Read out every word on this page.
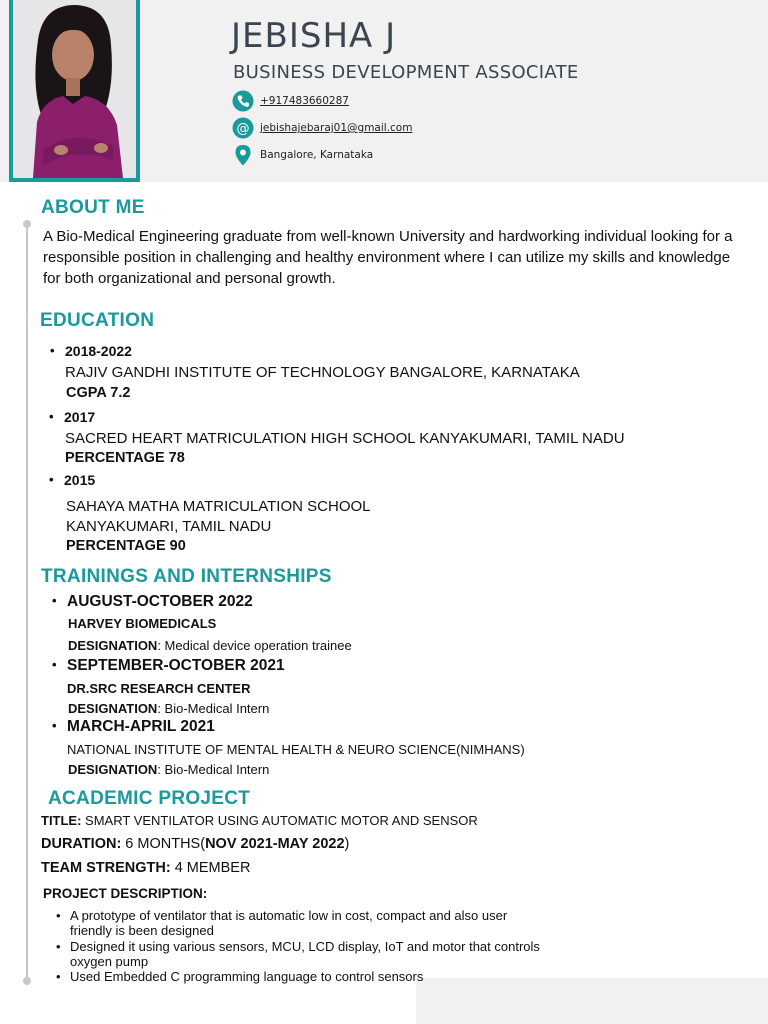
JEBISHA J
BUSINESS DEVELOPMENT ASSOCIATE
+917483660287
@ jebishajebaraj01@gmail.com
Bangalore, Karnataka
ABOUT ME

A Bio-Medical Engineering graduate from well-known University and hardworking individual looking for a responsible position in challenging and healthy environment where I can utilize my skills and knowledge for both organizational and personal growth.

EDUCATION

• 2018-2022

RAJIV GANDHI INSTITUTE OF TECHNOLOGY BANGALORE, KARNATAKA

CGPA 7.2

• 2017

SACRED HEART MATRICULATION HIGH SCHOOL KANYAKUMARI, TAMIL NADU

PERCENTAGE 78

• 2015

SAHAYA MATHA MATRICULATION SCHOOL

KANYAKUMARI, TAMIL NADU

PERCENTAGE 90

TRAININGS AND INTERNSHIPS

• AUGUST-OCTOBER 2022

HARVEY BIOMEDICALS

DESIGNATION: Medical device operation trainee

• SEPTEMBER-OCTOBER 2021

DR.SRC RESEARCH CENTER

DESIGNATION: Bio-Medical Intern

• MARCH-APRIL 2021

NATIONAL INSTITUTE OF MENTAL HEALTH & NEURO SCIENCE(NIMHANS)

DESIGNATION: Bio-Medical Intern

ACADEMIC PROJECT

TITLE: SMART VENTILATOR USING AUTOMATIC MOTOR AND SENSOR

DURATION: 6 MONTHS(NOV 2021-MAY 2022)

TEAM STRENGTH: 4 MEMBER

PROJECT DESCRIPTION:

• A prototype of ventilator that is automatic low in cost, compact and also user friendly is been designed
• Designed it using various sensors, MCU, LCD display, IoT and motor that controls oxygen pump
• Used Embedded C programming language to control sensors
